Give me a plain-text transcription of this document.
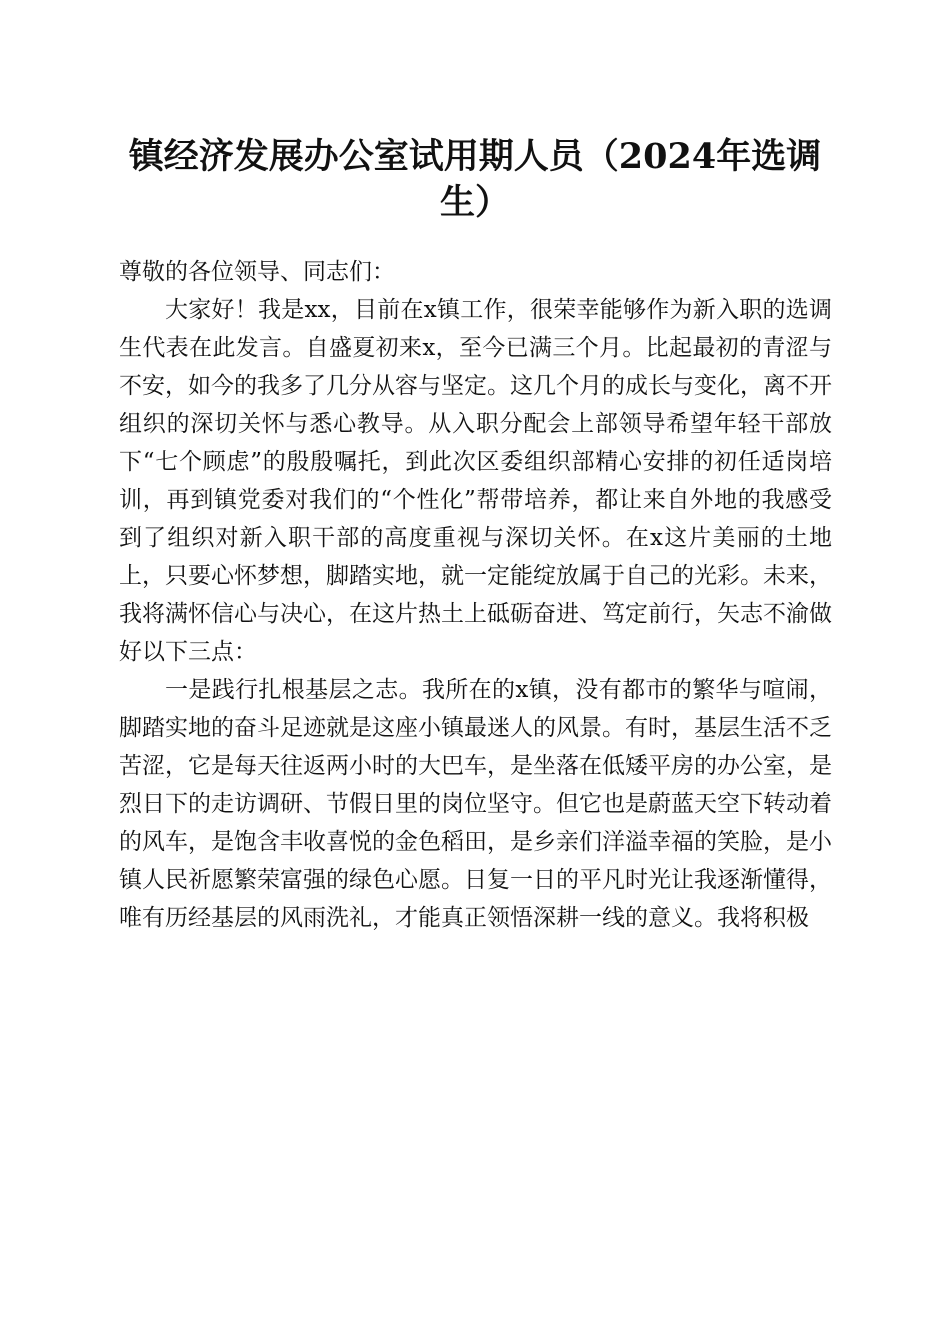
镇经济发展办公室试用期人员（2024年选调生）

尊敬的各位领导、同志们：

大家好！我是xx，目前在x镇工作，很荣幸能够作为新入职的选调生代表在此发言。自盛夏初来x，至今已满三个月。比起最初的青涩与不安，如今的我多了几分从容与坚定。这几个月的成长与变化，离不开组织的深切关怀与悉心教导。从入职分配会上部领导希望年轻干部放下“七个顾虑”的殷殷嘱托，到此次区委组织部精心安排的初任适岗培训，再到镇党委对我们的“个性化”帮带培养，都让来自外地的我感受到了组织对新入职干部的高度重视与深切关怀。在x这片美丽的土地上，只要心怀梦想，脚踏实地，就一定能绽放属于自己的光彩。未来，我将满怀信心与决心，在这片热土上砥砺奋进、笃定前行，矢志不渝做好以下三点：

一是践行扎根基层之志。我所在的x镇，没有都市的繁华与喧闹，脚踏实地的奋斗足迹就是这座小镇最迷人的风景。有时，基层生活不乏苦涩，它是每天往返两小时的大巴车，是坐落在低矮平房的办公室，是烈日下的走访调研、节假日里的岗位坚守。但它也是蔚蓝天空下转动着的风车，是饱含丰收喜悦的金色稻田，是乡亲们洋溢幸福的笑脸，是小镇人民祈愿繁荣富强的绿色心愿。日复一日的平凡时光让我逐渐懂得，唯有历经基层的风雨洗礼，才能真正领悟深耕一线的意义。我将积极
